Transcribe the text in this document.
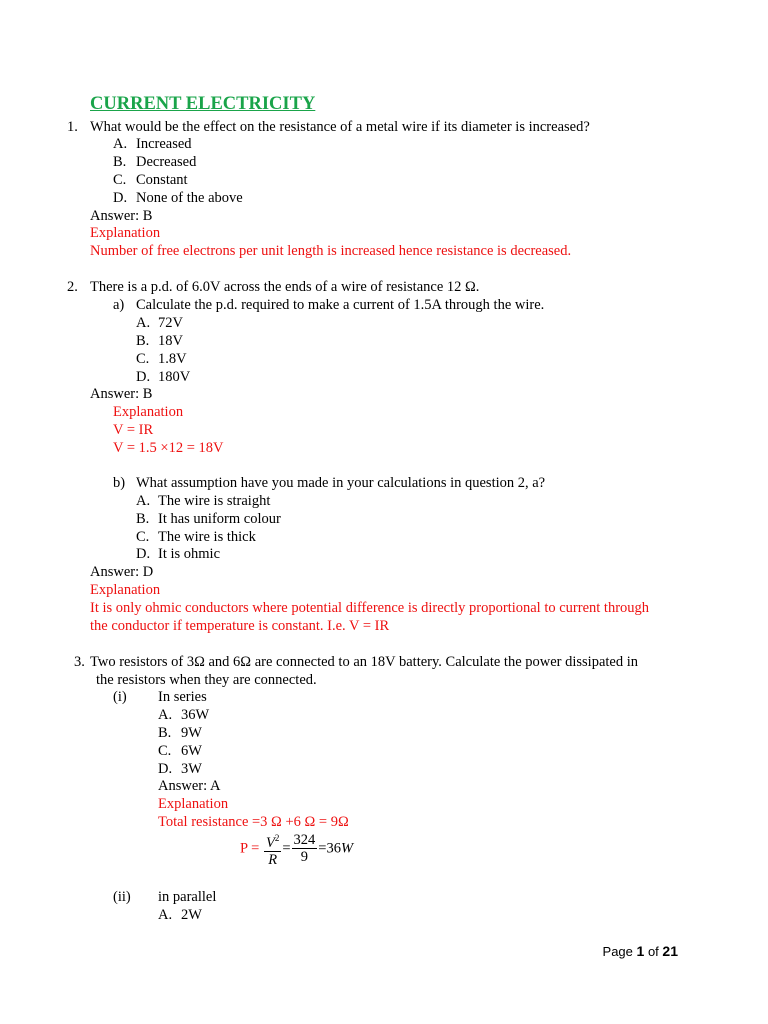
CURRENT ELECTRICITY
1. What would be the effect on the resistance of a metal wire if its diameter is increased?
A. Increased
B. Decreased
C. Constant
D. None of the above
Answer: B
Explanation
Number of free electrons per unit length is increased hence resistance is decreased.
2. There is a p.d. of 6.0V across the ends of a wire of resistance 12 Ω.
a) Calculate the p.d. required to make a current of 1.5A through the wire.
A. 72V
B. 18V
C. 1.8V
D. 180V
Answer: B
Explanation
V = IR
V = 1.5 ×12 = 18V
b) What assumption have you made in your calculations in question 2, a?
A. The wire is straight
B. It has uniform colour
C. The wire is thick
D. It is ohmic
Answer: D
Explanation
It is only ohmic conductors where potential difference is directly proportional to current through
the conductor if temperature is constant. I.e. V = IR
3. Two resistors of 3Ω and 6Ω are connected to an 18V battery. Calculate the power dissipated in
the resistors when they are connected.
(i) In series
A. 36W
B. 9W
C. 6W
D. 3W
Answer: A
Explanation
Total resistance =3 Ω +6 Ω = 9Ω
$P = \frac{V^2}{R} = \frac{324}{9} =36W$
(ii) in parallel
A. 2W
Page 1 of 21
